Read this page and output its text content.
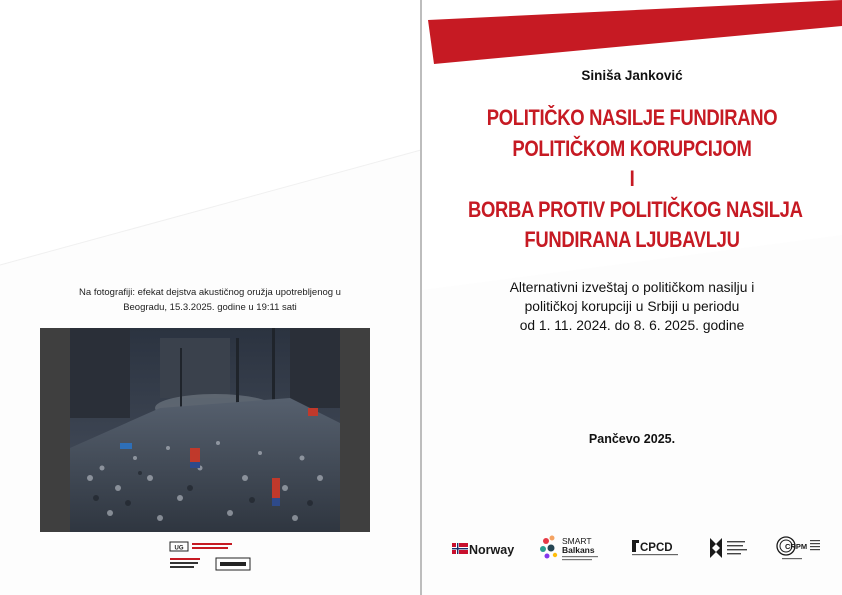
Na fotografiji: efekat dejstva akustičnog oružja upotrebljenog u
Beogradu, 15.3.2025. godine u 19:11 sati
UG
Siniša Janković
POLITIČKO NASILJE FUNDIRANO
POLITIČKOM KORUPCIJOM
I
BORBA PROTIV POLITIČKOG NASILJA
FUNDIRANA LJUBAVLJU
Alternativni izveštaj o političkom nasilju i
političkoj korupciji u Srbiji u periodu
od 1. 11. 2024. do 8. 6. 2025. godine
Pančevo 2025.
Norway
SMART
Balkans	CPCD	CRPM
